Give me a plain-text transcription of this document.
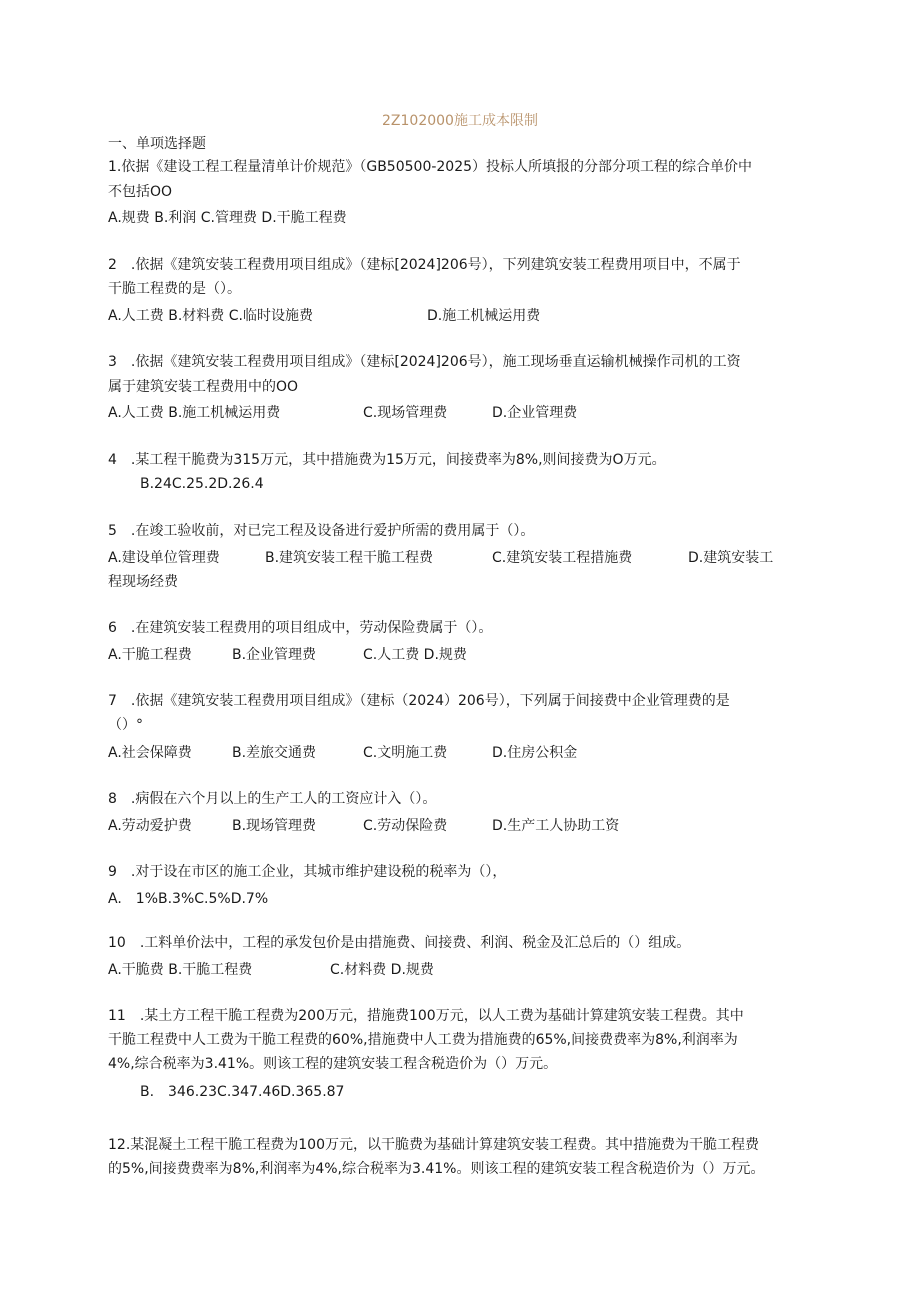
2Z102000施工成本限制
一、单项选择题
1.依据《建设工程工程量清单计价规范》（GB50500-2025）投标人所填报的分部分项工程的综合单价中
不包括OO
A.规费 B.利润 C.管理费 D.干脆工程费
2　.依据《建筑安装工程费用项目组成》（建标[2024]206号），下列建筑安装工程费用项目中，不属于
干脆工程费的是（）。
A.人工费 B.材料费 C.临时设施费	D.施工机械运用费
3　.依据《建筑安装工程费用项目组成》（建标[2024]206号），施工现场垂直运输机械操作司机的工资
属于建筑安装工程费用中的OO
A.人工费 B.施工机械运用费	C.现场管理费	D.企业管理费
4　.某工程干脆费为315万元，其中措施费为15万元，间接费率为8%,则间接费为O万元。
B.24C.25.2D.26.4
5　.在竣工验收前，对已完工程及设备进行爱护所需的费用属于（）。
A.建设单位管理费	B.建筑安装工程干脆工程费	C.建筑安装工程措施费	D.建筑安装工
程现场经费
6　.在建筑安装工程费用的项目组成中，劳动保险费属于（）。
A.干脆工程费	B.企业管理费	C.人工费 D.规费
7　.依据《建筑安装工程费用项目组成》（建标（2024）206号），下列属于间接费中企业管理费的是
（）°
A.社会保障费	B.差旅交通费	C.文明施工费	D.住房公积金
8　.病假在六个月以上的生产工人的工资应计入（）。
A.劳动爱护费	B.现场管理费	C.劳动保险费	D.生产工人协助工资
9　.对于设在市区的施工企业，其城市维护建设税的税率为（），
A.　1%B.3%C.5%D.7%
10　.工料单价法中，工程的承发包价是由措施费、间接费、利润、税金及汇总后的（）组成。
A.干脆费 B.干脆工程费	C.材料费 D.规费
11　.某土方工程干脆工程费为200万元，措施费100万元，以人工费为基础计算建筑安装工程费。其中
干脆工程费中人工费为干脆工程费的60%,措施费中人工费为措施费的65%,间接费费率为8%,利润率为
4%,综合税率为3.41%。则该工程的建筑安装工程含税造价为（）万元。
B.　346.23C.347.46D.365.87
12.某混凝土工程干脆工程费为100万元，以干脆费为基础计算建筑安装工程费。其中措施费为干脆工程费
的5%,间接费费率为8%,利润率为4%,综合税率为3.41%。则该工程的建筑安装工程含税造价为（）万元。
